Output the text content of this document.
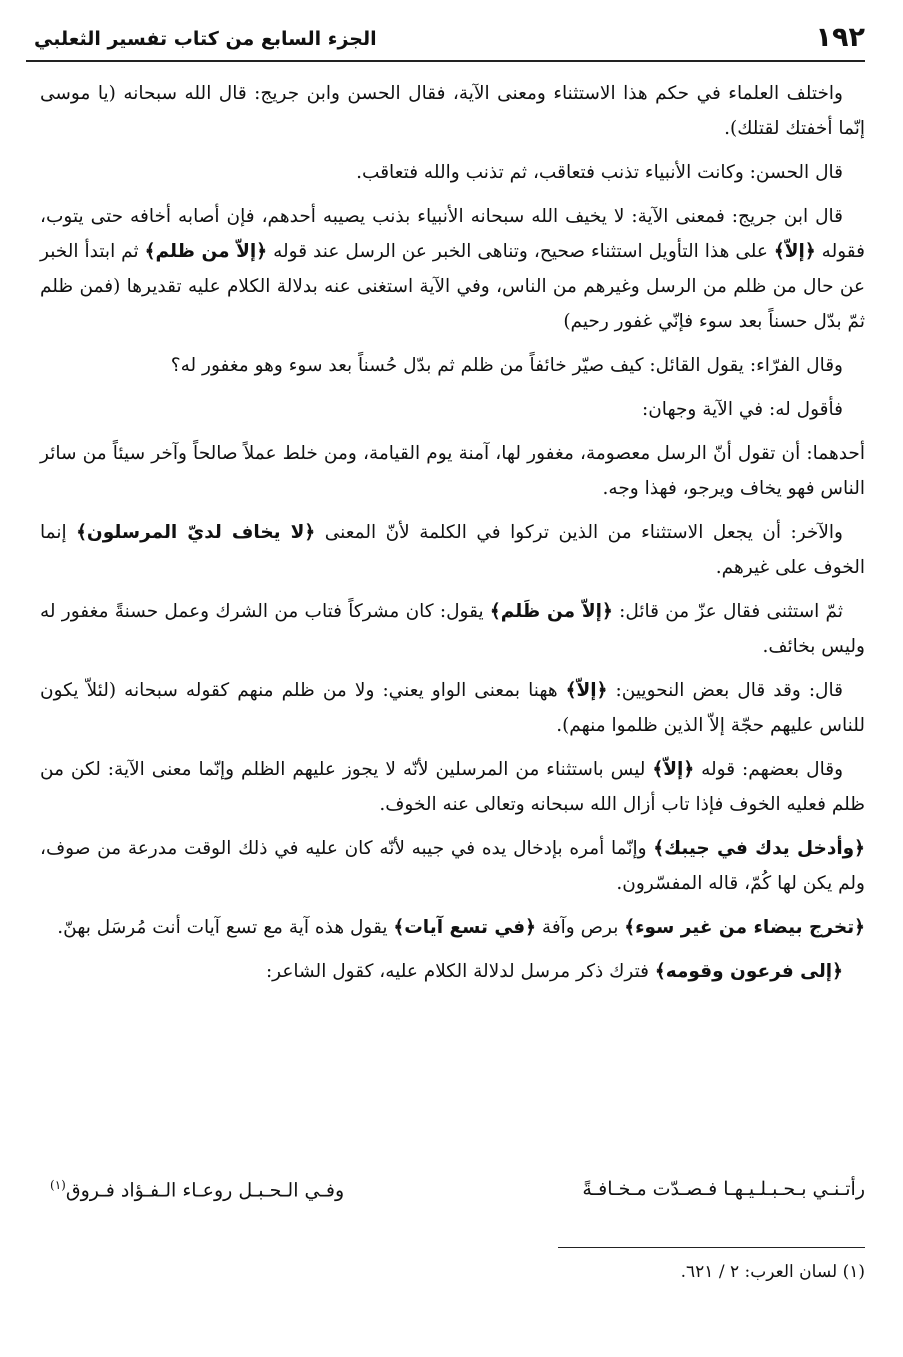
١٩٢
الجزء السابع من كتاب تفسير الثعلبي

واختلف العلماء في حكم هذا الاستثناء ومعنى الآية، فقال الحسن وابن جريج: قال الله سبحانه (يا موسى إنّما أخفتك لقتلك).

قال الحسن: وكانت الأنبياء تذنب فتعاقب، ثم تذنب والله فتعاقب.

قال ابن جريج: فمعنى الآية: لا يخيف الله سبحانه الأنبياء بذنب يصيبه أحدهم، فإن أصابه أخافه حتى يتوب، فقوله ﴿إلاّ﴾ على هذا التأويل استثناء صحيح، وتناهى الخبر عن الرسل عند قوله ﴿إلاّ من ظلم﴾ ثم ابتدأ الخبر عن حال من ظلم من الرسل وغيرهم من الناس، وفي الآية استغنى عنه بدلالة الكلام عليه تقديرها (فمن ظلم ثمّ بدّل حسناً بعد سوء فإنّي غفور رحيم)

وقال الفرّاء: يقول القائل: كيف صيّر خائفاً من ظلم ثم بدّل حُسناً بعد سوء وهو مغفور له؟

فأقول له: في الآية وجهان:

أحدهما: أن تقول أنّ الرسل معصومة، مغفور لها، آمنة يوم القيامة، ومن خلط عملاً صالحاً وآخر سيئاً من سائر الناس فهو يخاف ويرجو، فهذا وجه.

والآخر: أن يجعل الاستثناء من الذين تركوا في الكلمة لأنّ المعنى ﴿لا يخاف لديّ المرسلون﴾ إنما الخوف على غيرهم.

ثمّ استثنى فقال عزّ من قائل: ﴿إلاّ من ظَلم﴾ يقول: كان مشركاً فتاب من الشرك وعمل حسنةً مغفور له وليس بخائف.

قال: وقد قال بعض النحويين: ﴿إلاّ﴾ ههنا بمعنى الواو يعني: ولا من ظلم منهم كقوله سبحانه (لئلاّ يكون للناس عليهم حجّة إلاّ الذين ظلموا منهم).

وقال بعضهم: قوله ﴿إلاّ﴾ ليس باستثناء من المرسلين لأنّه لا يجوز عليهم الظلم وإنّما معنى الآية: لكن من ظلم فعليه الخوف فإذا تاب أزال الله سبحانه وتعالى عنه الخوف.

﴿وأدخل يدك في جيبك﴾ وإنّما أمره بإدخال يده في جيبه لأنّه كان عليه في ذلك الوقت مدرعة من صوف، ولم يكن لها كُمّ، قاله المفسّرون.

﴿تخرج بيضاء من غير سوء﴾ برص وآفة ﴿في تسع آيات﴾ يقول هذه آية مع تسع آيات أنت مُرسَل بهنّ.

﴿إلى فرعون وقومه﴾ فترك ذكر مرسل لدلالة الكلام عليه، كقول الشاعر:

رأتـنـي بـحـبـلـيـهـا فـصـدّت مـخـافـةً
وفـي الـحـبـل روعـاء الـفـؤاد فـروق$^{(١)}$
(١) لسان العرب: ٢ / ٦٢١.
